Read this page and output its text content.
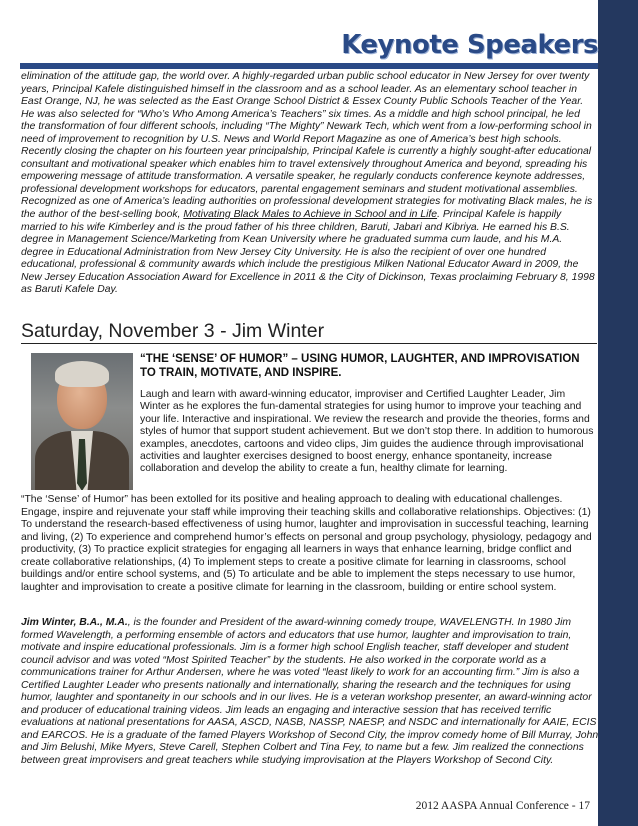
Keynote Speakers
elimination of the attitude gap, the world over. A highly-regarded urban public school educator in New Jersey for over twenty years, Principal Kafele distinguished himself in the classroom and as a school leader. As an elementary school teacher in East Orange, NJ, he was selected as the East Orange School District & Essex County Public Schools Teacher of the Year. He was also selected for “Who’s Who Among America’s Teachers” six times. As a middle and high school principal, he led the transformation of four different schools, including “The Mighty” Newark Tech, which went from a low-performing school in need of improvement to recognition by U.S. News and World Report Magazine as one of America’s best high schools. Recently closing the chapter on his fourteen year principalship, Principal Kafele is currently a highly sought-after educational consultant and motivational speaker which enables him to travel extensively throughout America and beyond, spreading his empowering message of attitude transformation. A versatile speaker, he regularly conducts conference keynote addresses, professional development workshops for educators, parental engagement seminars and student motivational assemblies. Recognized as one of America’s leading authorities on professional development strategies for motivating Black males, he is the author of the best-selling book, Motivating Black Males to Achieve in School and in Life. Principal Kafele is happily married to his wife Kimberley and is the proud father of his three children, Baruti, Jabari and Kibriya. He earned his B.S. degree in Management Science/Marketing from Kean University where he graduated summa cum laude, and his M.A. degree in Educational Administration from New Jersey City University. He is also the recipient of over one hundred educational, professional & community awards which include the prestigious Milken National Educator Award in 2009, the New Jersey Education Association Award for Excellence in 2011 & the City of Dickinson, Texas proclaiming February 8, 1998 as Baruti Kafele Day.
Saturday, November 3 - Jim Winter
“THE ‘SENSE’ OF HUMOR” – USING HUMOR, LAUGHTER, AND IMPROVISATION TO TRAIN, MOTIVATE, AND INSPIRE.
Laugh and learn with award-winning educator, improviser and Certified Laughter Leader, Jim Winter as he explores the fun-damental strategies for using humor to improve your teaching and your life. Interactive and inspirational. We review the research and provide the theories, forms and styles of humor that support student achievement. But we don’t stop there. In addition to humorous examples, anecdotes, cartoons and video clips, Jim guides the audience through improvisational activities and laughter exercises designed to boost energy, enhance spontaneity, increase collaboration and develop the ability to create a fun, healthy climate for learning.
“The ‘Sense’ of Humor” has been extolled for its positive and healing approach to dealing with educational challenges. Engage, inspire and rejuvenate your staff while improving their teaching skills and collaborative relationships. Objectives: (1) To understand the research-based effectiveness of using humor, laughter and improvisation in successful teaching, learning and living, (2) To experience and comprehend humor’s effects on personal and group psychology, physiology, pedagogy and productivity, (3) To practice explicit strategies for engaging all learners in ways that enhance learning, bridge conflict and create collaborative relationships, (4) To implement steps to create a positive climate for learning in classrooms, school buildings and/or entire school systems, and (5) To articulate and be able to implement the steps necessary to use humor, laughter and improvisation to create a positive climate for learning in the classroom, building or entire school system.
Jim Winter, B.A., M.A., is the founder and President of the award-winning comedy troupe, WAVELENGTH. In 1980 Jim formed Wavelength, a performing ensemble of actors and educators that use humor, laughter and improvisation to train, motivate and inspire educational professionals. Jim is a former high school English teacher, staff developer and student council advisor and was voted “Most Spirited Teacher” by the students. He also worked in the corporate world as a communications trainer for Arthur Andersen, where he was voted “least likely to work for an accounting firm.” Jim is also a Certified Laughter Leader who presents nationally and internationally, sharing the research and the techniques for using humor, laughter and spontaneity in our schools and in our lives. He is a veteran workshop presenter, an award-winning actor and producer of educational training videos. Jim leads an engaging and interactive session that has received terrific evaluations at national presentations for AASA, ASCD, NASB, NASSP, NAESP, and NSDC and internationally for AAIE, ECIS and EARCOS. He is a graduate of the famed Players Workshop of Second City, the improv comedy home of Bill Murray, John and Jim Belushi, Mike Myers, Steve Carell, Stephen Colbert and Tina Fey, to name but a few. Jim realized the connections between great improvisers and great teachers while studying improvisation at the Players Workshop of Second City.
2012 AASPA Annual Conference - 17
